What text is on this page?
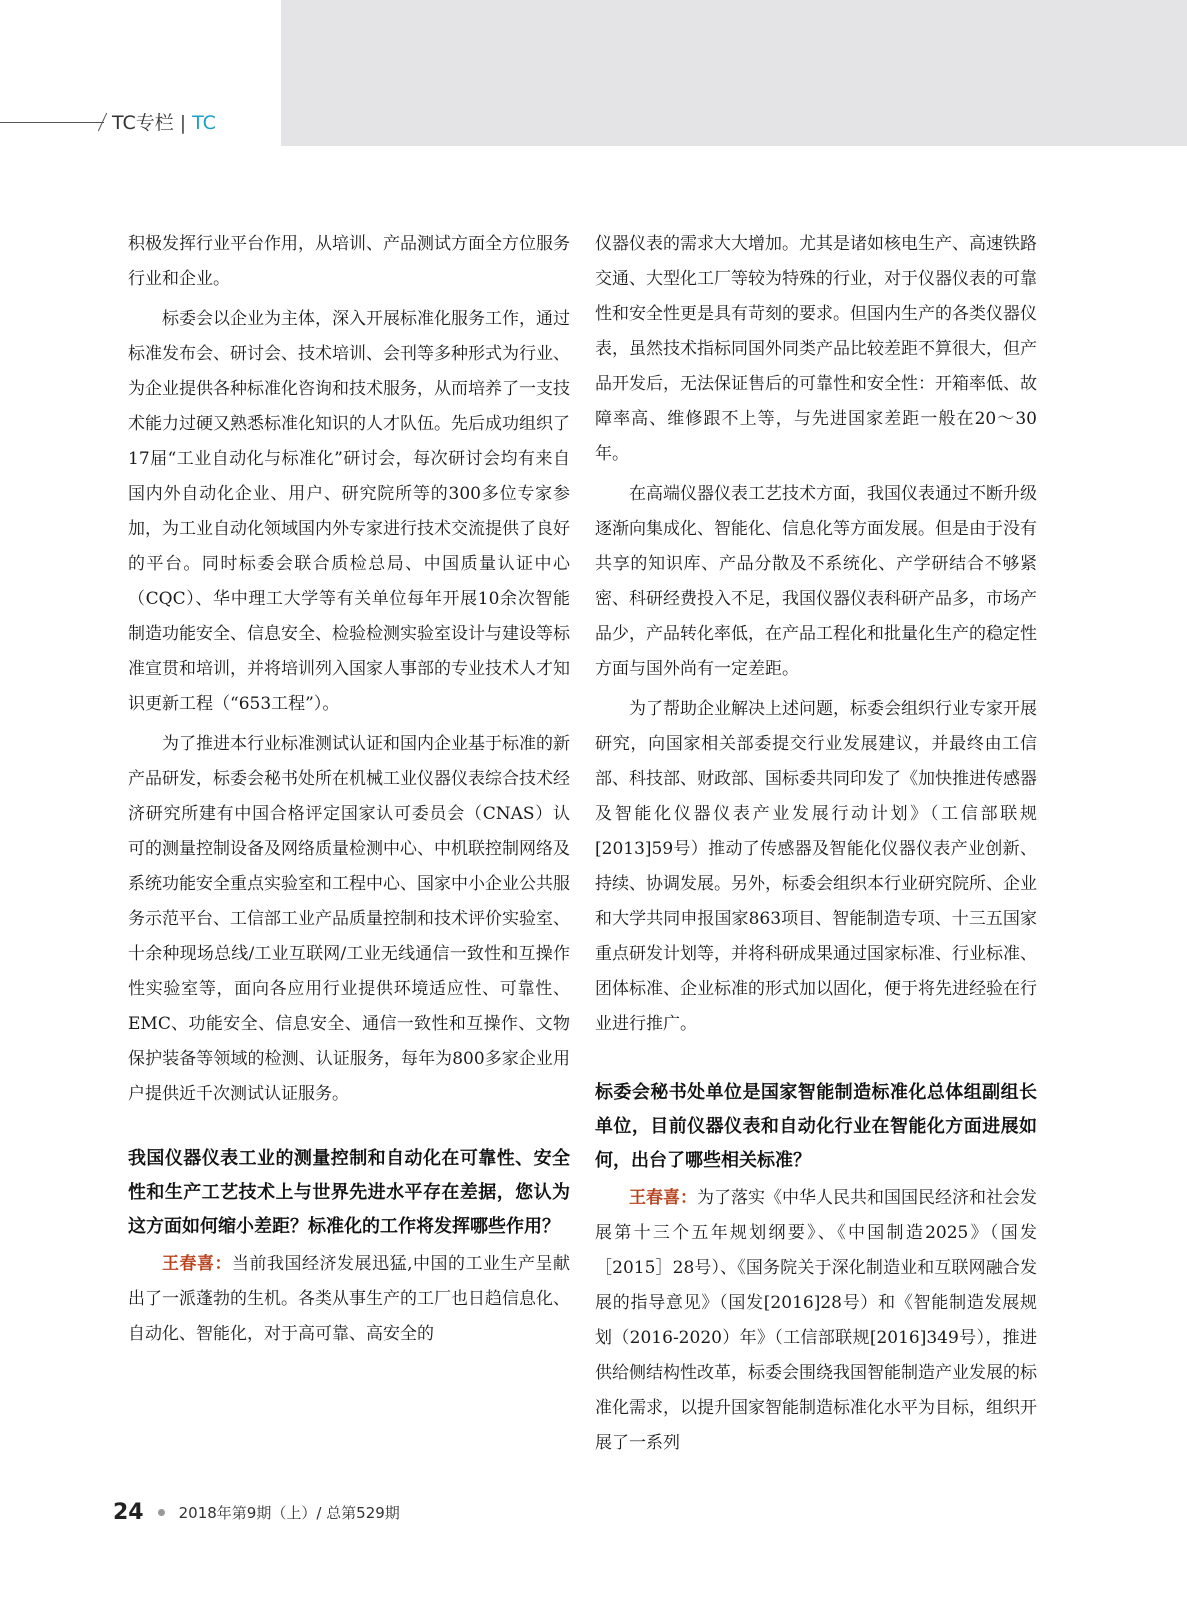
TC专栏 | TC

积极发挥行业平台作用，从培训、产品测试方面全方位服务行业和企业。

标委会以企业为主体，深入开展标准化服务工作，通过标准发布会、研讨会、技术培训、会刊等多种形式为行业、为企业提供各种标准化咨询和技术服务，从而培养了一支技术能力过硬又熟悉标准化知识的人才队伍。先后成功组织了17届“工业自动化与标准化”研讨会，每次研讨会均有来自国内外自动化企业、用户、研究院所等的300多位专家参加，为工业自动化领域国内外专家进行技术交流提供了良好的平台。同时标委会联合质检总局、中国质量认证中心（CQC）、华中理工大学等有关单位每年开展10余次智能制造功能安全、信息安全、检验检测实验室设计与建设等标准宣贯和培训，并将培训列入国家人事部的专业技术人才知识更新工程（“653工程”）。

为了推进本行业标准测试认证和国内企业基于标准的新产品研发，标委会秘书处所在机械工业仪器仪表综合技术经济研究所建有中国合格评定国家认可委员会（CNAS）认可的测量控制设备及网络质量检测中心、中机联控制网络及系统功能安全重点实验室和工程中心、国家中小企业公共服务示范平台、工信部工业产品质量控制和技术评价实验室、十余种现场总线/工业互联网/工业无线通信一致性和互操作性实验室等，面向各应用行业提供环境适应性、可靠性、EMC、功能安全、信息安全、通信一致性和互操作、文物保护装备等领域的检测、认证服务，每年为800多家企业用户提供近千次测试认证服务。

我国仪器仪表工业的测量控制和自动化在可靠性、安全性和生产工艺技术上与世界先进水平存在差据，您认为这方面如何缩小差距？标准化的工作将发挥哪些作用？

王春喜：当前我国经济发展迅猛,中国的工业生产呈献出了一派蓬勃的生机。各类从事生产的工厂也日趋信息化、自动化、智能化，对于高可靠、高安全的

仪器仪表的需求大大增加。尤其是诸如核电生产、高速铁路交通、大型化工厂等较为特殊的行业，对于仪器仪表的可靠性和安全性更是具有苛刻的要求。但国内生产的各类仪器仪表，虽然技术指标同国外同类产品比较差距不算很大，但产品开发后，无法保证售后的可靠性和安全性：开箱率低、故障率高、维修跟不上等，与先进国家差距一般在20～30年。

在高端仪器仪表工艺技术方面，我国仪表通过不断升级逐渐向集成化、智能化、信息化等方面发展。但是由于没有共享的知识库、产品分散及不系统化、产学研结合不够紧密、科研经费投入不足，我国仪器仪表科研产品多，市场产品少，产品转化率低，在产品工程化和批量化生产的稳定性方面与国外尚有一定差距。

为了帮助企业解决上述问题，标委会组织行业专家开展研究，向国家相关部委提交行业发展建议，并最终由工信部、科技部、财政部、国标委共同印发了《加快推进传感器及智能化仪器仪表产业发展行动计划》（工信部联规[2013]59号）推动了传感器及智能化仪器仪表产业创新、持续、协调发展。另外，标委会组织本行业研究院所、企业和大学共同申报国家863项目、智能制造专项、十三五国家重点研发计划等，并将科研成果通过国家标准、行业标准、团体标准、企业标准的形式加以固化，便于将先进经验在行业进行推广。

标委会秘书处单位是国家智能制造标准化总体组副组长单位，目前仪器仪表和自动化行业在智能化方面进展如何，出台了哪些相关标准？

王春喜：为了落实《中华人民共和国国民经济和社会发展第十三个五年规划纲要》、《中国制造2025》（国发［2015］28号）、《国务院关于深化制造业和互联网融合发展的指导意见》（国发[2016]28号）和《智能制造发展规划（2016-2020）年》（工信部联规[2016]349号），推进供给侧结构性改革，标委会围绕我国智能制造产业发展的标准化需求，以提升国家智能制造标准化水平为目标，组织开展了一系列

24 2018年第9期（上）/ 总第529期
